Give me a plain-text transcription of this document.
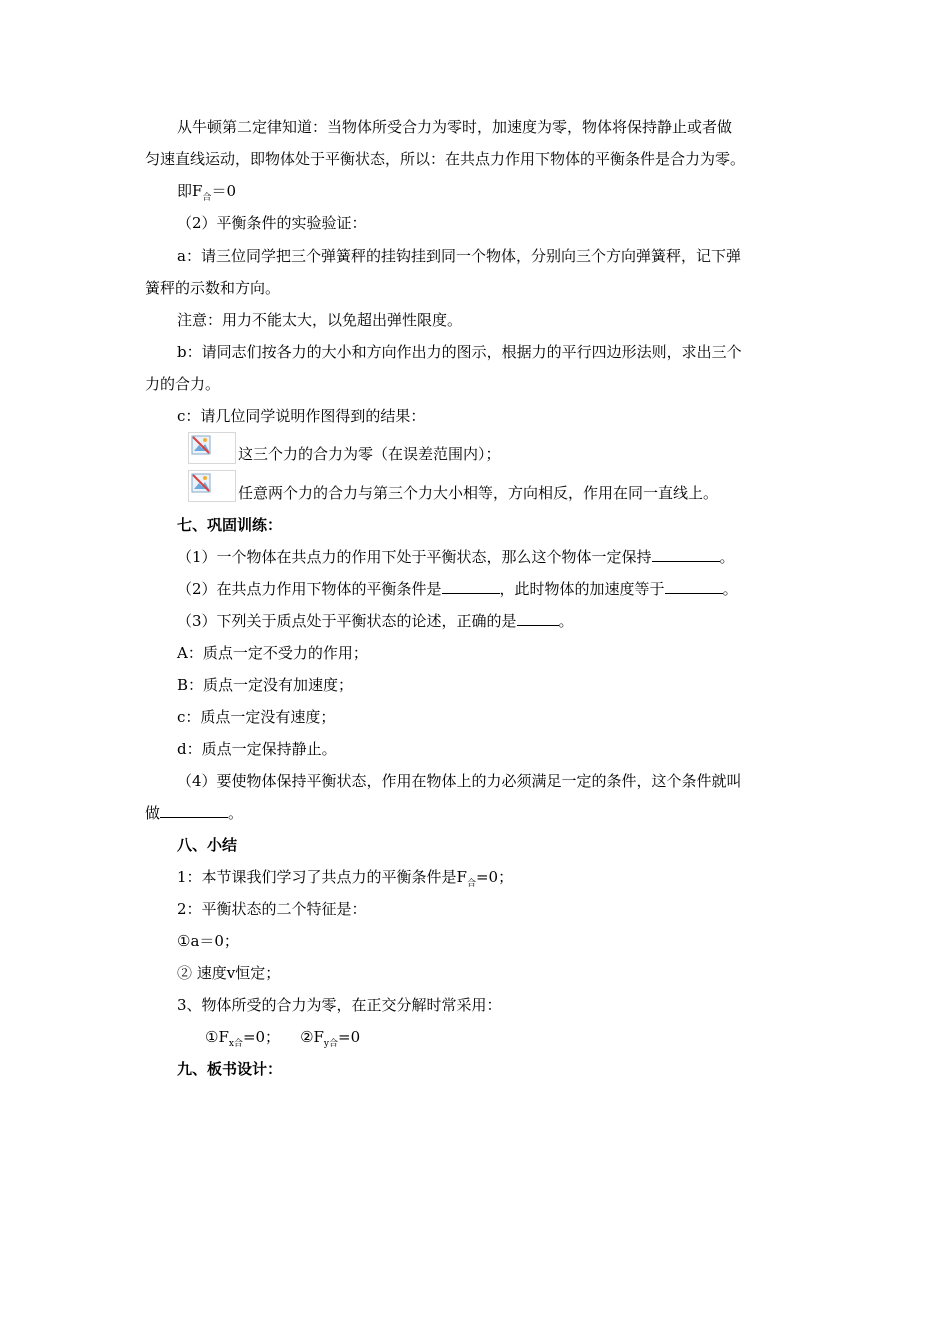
从牛顿第二定律知道：当物体所受合力为零时，加速度为零，物体将保持静止或者做
匀速直线运动，即物体处于平衡状态，所以：在共点力作用下物体的平衡条件是合力为零。
即$F_合=0$
（2）平衡条件的实验验证：
a：请三位同学把三个弹簧秤的挂钩挂到同一个物体，分别向三个方向弹簧秤，记下弹
簧秤的示数和方向。
注意：用力不能太大，以免超出弹性限度。
b：请同志们按各力的大小和方向作出力的图示，根据力的平行四边形法则，求出三个
力的合力。
c：请几位同学说明作图得到的结果：
这三个力的合力为零（在误差范围内）；
任意两个力的合力与第三个力大小相等，方向相反，作用在同一直线上。
七、巩固训练：
（1）一个物体在共点力的作用下处于平衡状态，那么这个物体一定保持	。
（2）在共点力作用下物体的平衡条件是	，此时物体的加速度等于	。
（3）下列关于质点处于平衡状态的论述，正确的是	。
A：质点一定不受力的作用；
B：质点一定没有加速度；
c：质点一定没有速度；
d：质点一定保持静止。
（4）要使物体保持平衡状态，作用在物体上的力必须满足一定的条件，这个条件就叫
做	。
八、小结
1：本节课我们学习了共点力的平衡条件是$F_合=0$；
2：平衡状态的二个特征是：
①a＝0；
② 速度v恒定；
3、物体所受的合力为零，在正交分解时常采用：
$①F_{x合}=0$； $②F_{y合}=0$
九、板书设计：
